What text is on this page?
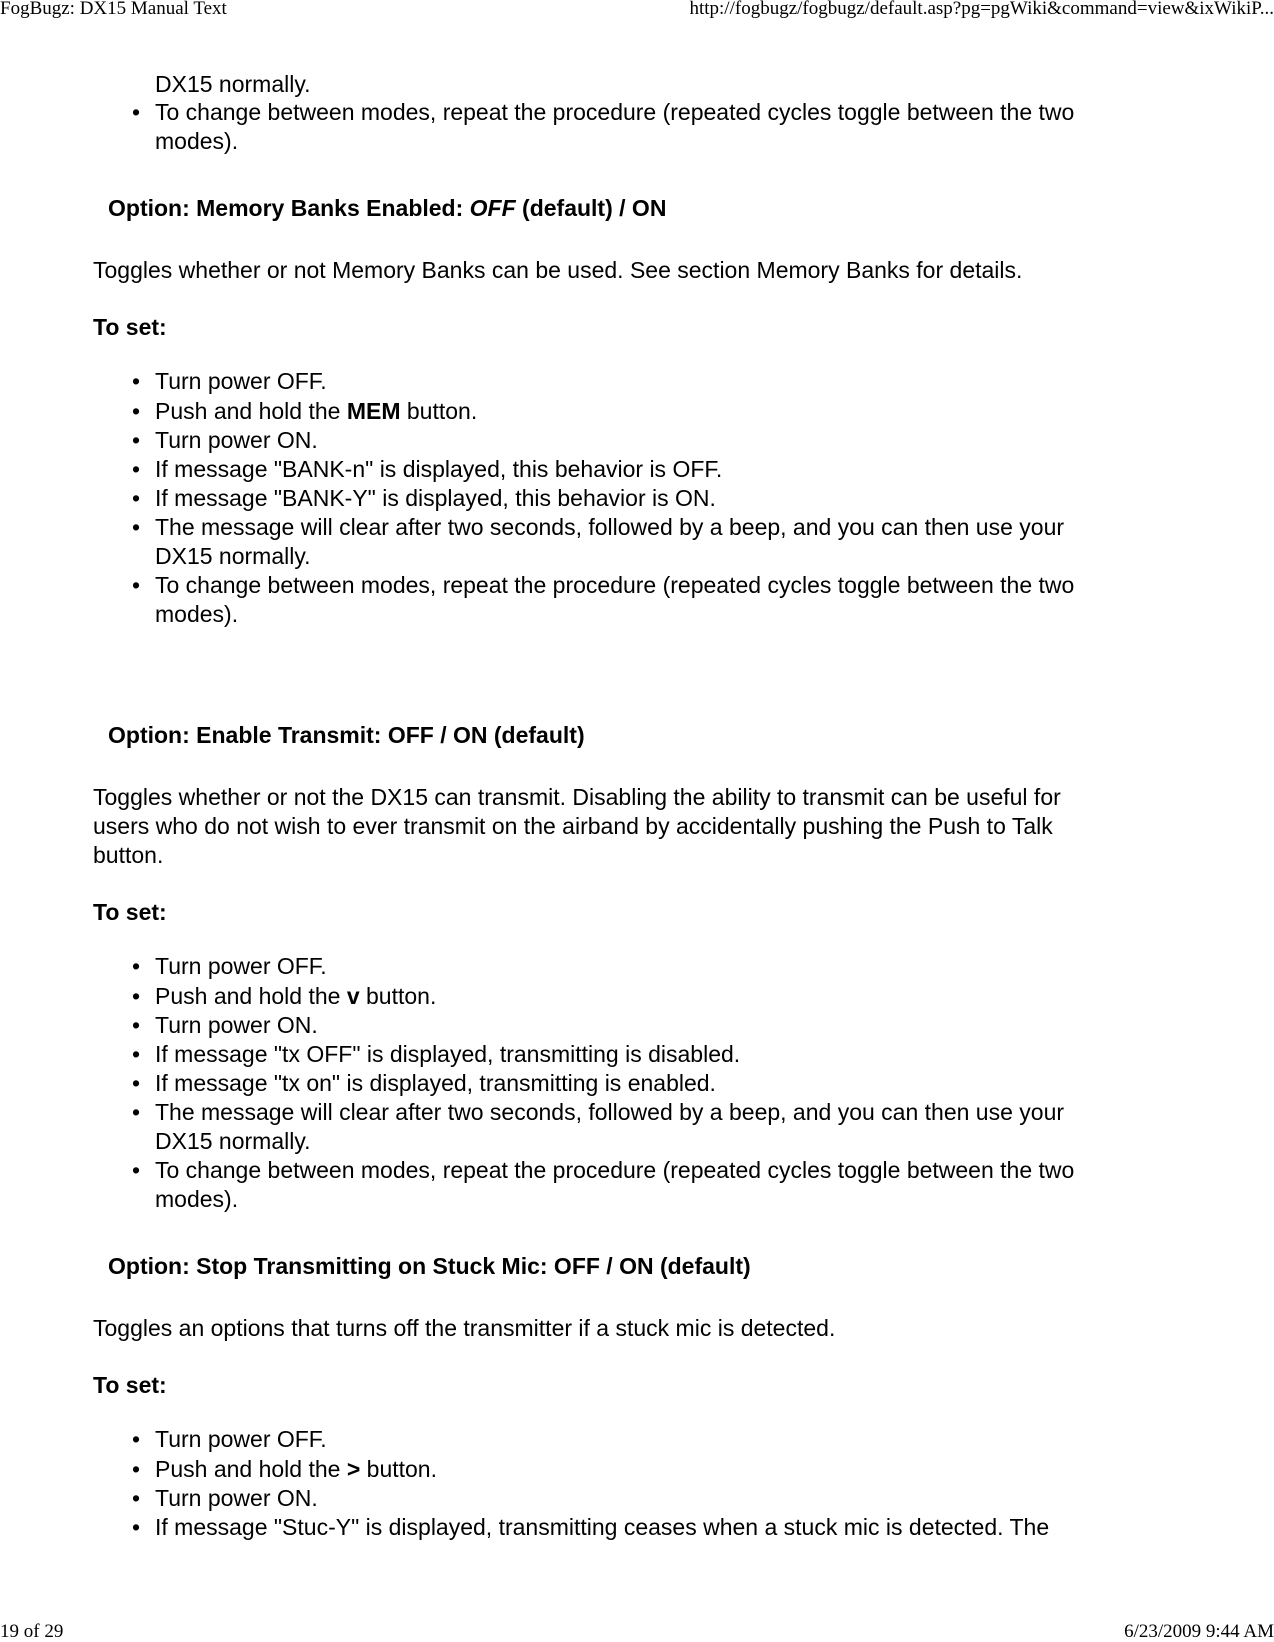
FogBugz: DX15 Manual Text	http://fogbugz/fogbugz/default.asp?pg=pgWiki&command=view&ixWikiP...
DX15 normally.
• To change between modes, repeat the procedure (repeated cycles toggle between the two
modes).
Option: Memory Banks Enabled: OFF (default) / ON
Toggles whether or not Memory Banks can be used. See section Memory Banks for details.
To set:
• Turn power OFF.
• Push and hold the MEM button.
• Turn power ON.
• If message "BANK-n" is displayed, this behavior is OFF.
• If message "BANK-Y" is displayed, this behavior is ON.
• The message will clear after two seconds, followed by a beep, and you can then use your
DX15 normally.
• To change between modes, repeat the procedure (repeated cycles toggle between the two
modes).
Option: Enable Transmit: OFF / ON (default)
Toggles whether or not the DX15 can transmit. Disabling the ability to transmit can be useful for
users who do not wish to ever transmit on the airband by accidentally pushing the Push to Talk
button.
To set:
• Turn power OFF.
• Push and hold the v button.
• Turn power ON.
• If message "tx OFF" is displayed, transmitting is disabled.
• If message "tx on" is displayed, transmitting is enabled.
• The message will clear after two seconds, followed by a beep, and you can then use your
DX15 normally.
• To change between modes, repeat the procedure (repeated cycles toggle between the two
modes).
Option: Stop Transmitting on Stuck Mic: OFF / ON (default)
Toggles an options that turns off the transmitter if a stuck mic is detected.
To set:
• Turn power OFF.
• Push and hold the > button.
• Turn power ON.
• If message "Stuc-Y" is displayed, transmitting ceases when a stuck mic is detected. The
19 of 29	6/23/2009 9:44 AM
